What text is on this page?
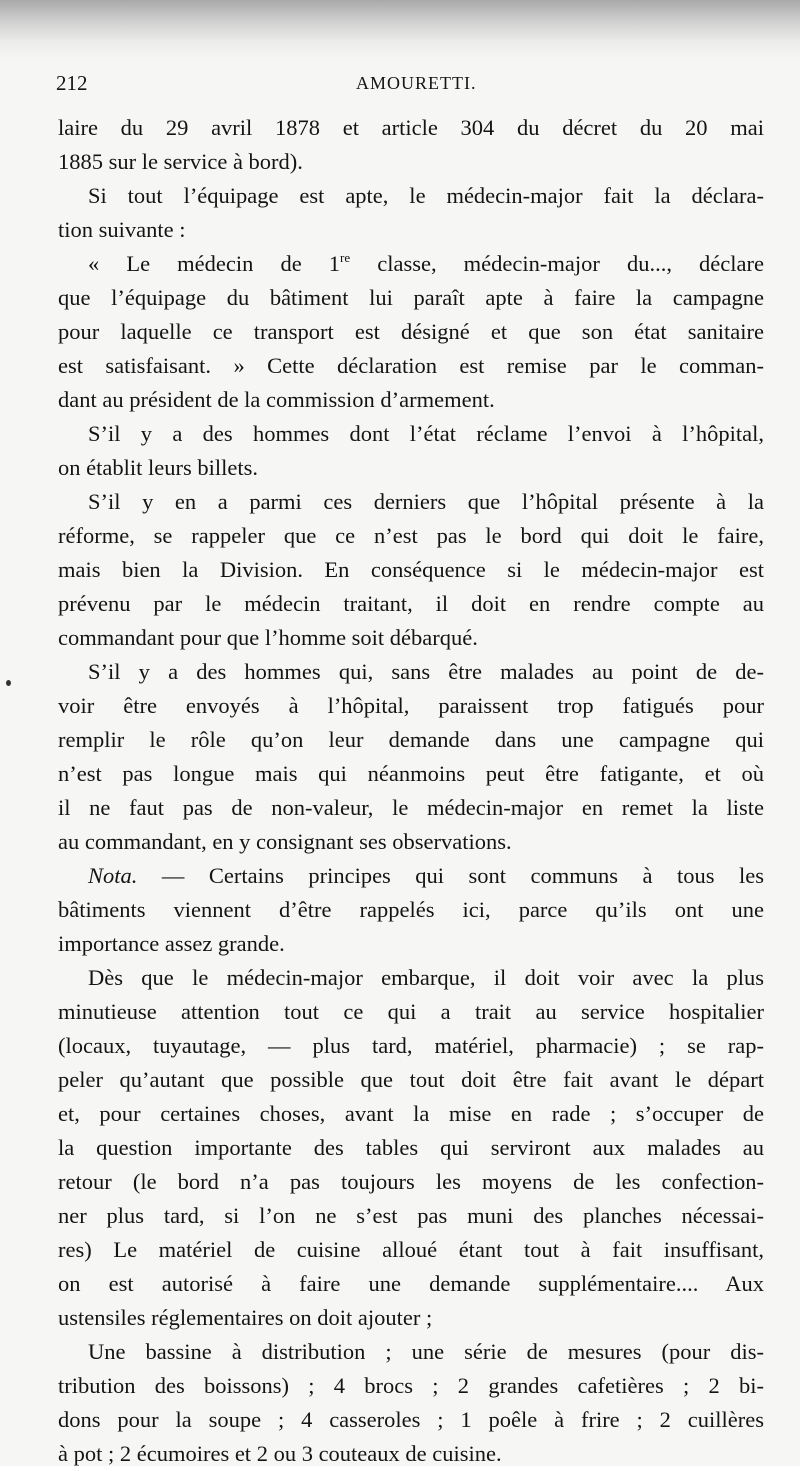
212	AMOURETTI.
laire du 29 avril 1878 et article 304 du décret du 20 mai
1885 sur le service à bord).
Si tout l’équipage est apte, le médecin-major fait la déclara-
tion suivante :
« Le médecin de 1re classe, médecin-major du..., déclare
que l’équipage du bâtiment lui paraît apte à faire la campagne
pour laquelle ce transport est désigné et que son état sanitaire
est satisfaisant. » Cette déclaration est remise par le comman-
dant au président de la commission d’armement.
S’il y a des hommes dont l’état réclame l’envoi à l’hôpital,
on établit leurs billets.
S’il y en a parmi ces derniers que l’hôpital présente à la
réforme, se rappeler que ce n’est pas le bord qui doit le faire,
mais bien la Division. En conséquence si le médecin-major est
prévenu par le médecin traitant, il doit en rendre compte au
commandant pour que l’homme soit débarqué.
S’il y a des hommes qui, sans être malades au point de de-
voir être envoyés à l’hôpital, paraissent trop fatigués pour
remplir le rôle qu’on leur demande dans une campagne qui
n’est pas longue mais qui néanmoins peut être fatigante, et où
il ne faut pas de non-valeur, le médecin-major en remet la liste
au commandant, en y consignant ses observations.
Nota. — Certains principes qui sont communs à tous les
bâtiments viennent d’être rappelés ici, parce qu’ils ont une
importance assez grande.
Dès que le médecin-major embarque, il doit voir avec la plus
minutieuse attention tout ce qui a trait au service hospitalier
(locaux, tuyautage, — plus tard, matériel, pharmacie) ; se rap-
peler qu’autant que possible que tout doit être fait avant le départ
et, pour certaines choses, avant la mise en rade ; s’occuper de
la question importante des tables qui serviront aux malades au
retour (le bord n’a pas toujours les moyens de les confection-
ner plus tard, si l’on ne s’est pas muni des planches nécessai-
res) Le matériel de cuisine alloué étant tout à fait insuffisant,
on est autorisé à faire une demande supplémentaire.... Aux
ustensiles réglementaires on doit ajouter ;
Une bassine à distribution ; une série de mesures (pour dis-
tribution des boissons) ; 4 brocs ; 2 grandes cafetières ; 2 bi-
dons pour la soupe ; 4 casseroles ; 1 poêle à frire ; 2 cuillères
à pot ; 2 écumoires et 2 ou 3 couteaux de cuisine.
